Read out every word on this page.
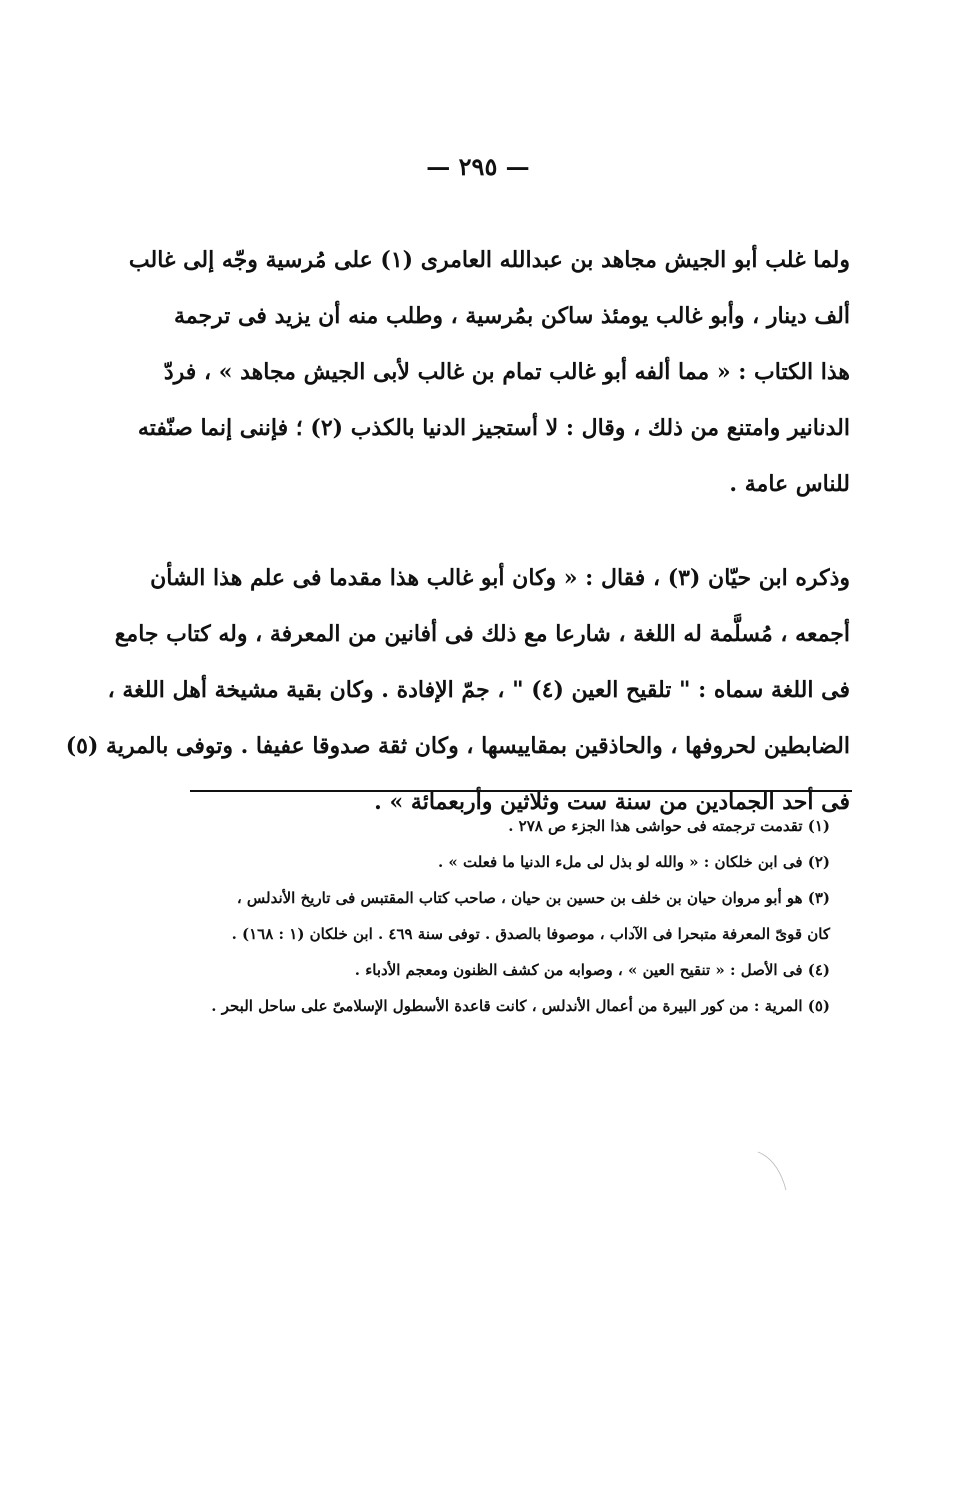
— ٢٩٥ —

ولما غلب أبو الجيش مجاهد بن عبدالله العامرى (١) على مُرسية وجّه إلى غالب
ألف دينار ، وأبو غالب يومئذ ساكن بمُرسية ، وطلب منه أن يزيد فى ترجمة
هذا الكتاب : « مما ألفه أبو غالب تمام بن غالب لأبى الجيش مجاهد » ، فردّ
الدنانير وامتنع من ذلك ، وقال : لا أستجيز الدنيا بالكذب (٢) ؛ فإننى إنما صنّفته
للناس عامة .

وذكره ابن حيّان (٣) ، فقال : « وكان أبو غالب هذا مقدما فى علم هذا الشأن
أجمعه ، مُسلَّمة له اللغة ، شارعا مع ذلك فى أفانين من المعرفة ، وله كتاب جامع
فى اللغة سماه : " تلقيح العين (٤) " ، جمّ الإفادة . وكان بقية مشيخة أهل اللغة ،
الضابطين لحروفها ، والحاذقين بمقاييسها ، وكان ثقة صدوقا عفيفا . وتوفى بالمرية (٥)
فى أحد الجمادين من سنة ست وثلاثين وأربعمائة » .

(١) تقدمت ترجمته فى حواشى هذا الجزء ص ٢٧٨ .
(٢) فى ابن خلكان : « والله لو بذل لى ملء الدنيا ما فعلت » .
(٣) هو أبو مروان حيان بن خلف بن حسين بن حيان ، صاحب كتاب المقتبس فى تاريخ الأندلس ،
كان قوىّ المعرفة متبحرا فى الآداب ، موصوفا بالصدق . توفى سنة ٤٦٩ . ابن خلكان (١ : ١٦٨) .
(٤) فى الأصل : « تنقيح العين » ، وصوابه من كشف الظنون ومعجم الأدباء .
(٥) المرية : من كور البيرة من أعمال الأندلس ، كانت قاعدة الأسطول الإسلامىّ على ساحل البحر .
